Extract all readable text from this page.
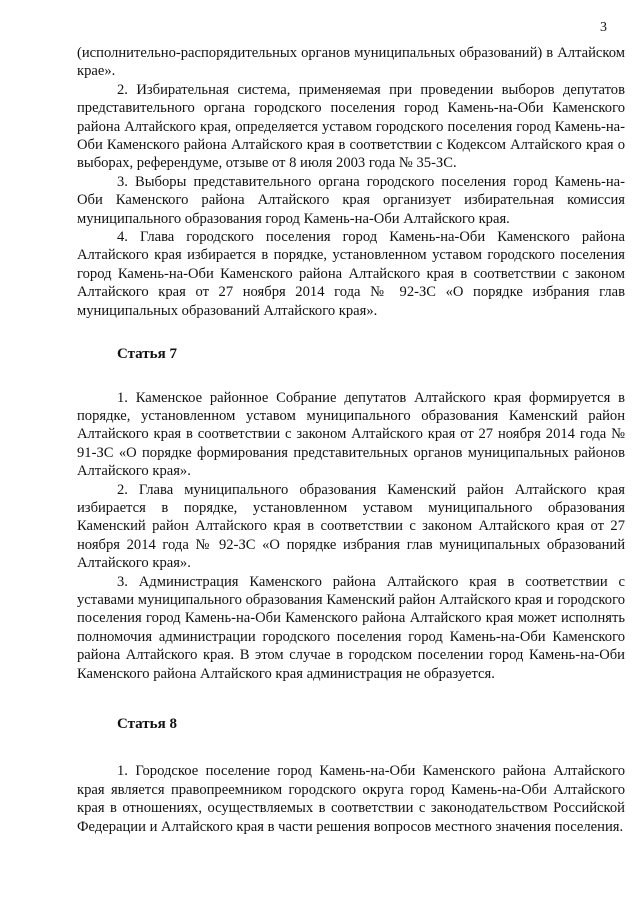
3

(исполнительно-распорядительных органов муниципальных образований) в Алтайском крае».

2. Избирательная система, применяемая при проведении выборов депутатов представительного органа городского поселения город Камень-на-Оби Каменского района Алтайского края, определяется уставом городского поселения город Камень-на-Оби Каменского района Алтайского края в соответствии с Кодексом Алтайского края о выборах, референдуме, отзыве от 8 июля 2003 года № 35-ЗС.

3. Выборы представительного органа городского поселения город Камень-на-Оби Каменского района Алтайского края организует избирательная комиссия муниципального образования город Камень-на-Оби Алтайского края.

4. Глава городского поселения город Камень-на-Оби Каменского района Алтайского края избирается в порядке, установленном уставом городского поселения город Камень-на-Оби Каменского района Алтайского края в соответствии с законом Алтайского края от 27 ноября 2014 года № 92-ЗС «О порядке избрания глав муниципальных образований Алтайского края».

Статья 7

1. Каменское районное Собрание депутатов Алтайского края формируется в порядке, установленном уставом муниципального образования Каменский район Алтайского края в соответствии с законом Алтайского края от 27 ноября 2014 года № 91-ЗС «О порядке формирования представительных органов муниципальных районов Алтайского края».

2. Глава муниципального образования Каменский район Алтайского края избирается в порядке, установленном уставом муниципального образования Каменский район Алтайского края в соответствии с законом Алтайского края от 27 ноября 2014 года № 92-ЗС «О порядке избрания глав муниципальных образований Алтайского края».

3. Администрация Каменского района Алтайского края в соответствии с уставами муниципального образования Каменский район Алтайского края и городского поселения город Камень-на-Оби Каменского района Алтайского края может исполнять полномочия администрации городского поселения город Камень-на-Оби Каменского района Алтайского края. В этом случае в городском поселении город Камень-на-Оби Каменского района Алтайского края администрация не образуется.

Статья 8

1. Городское поселение город Камень-на-Оби Каменского района Алтайского края является правопреемником городского округа город Камень-на-Оби Алтайского края в отношениях, осуществляемых в соответствии с законодательством Российской Федерации и Алтайского края в части решения вопросов местного значения поселения.
